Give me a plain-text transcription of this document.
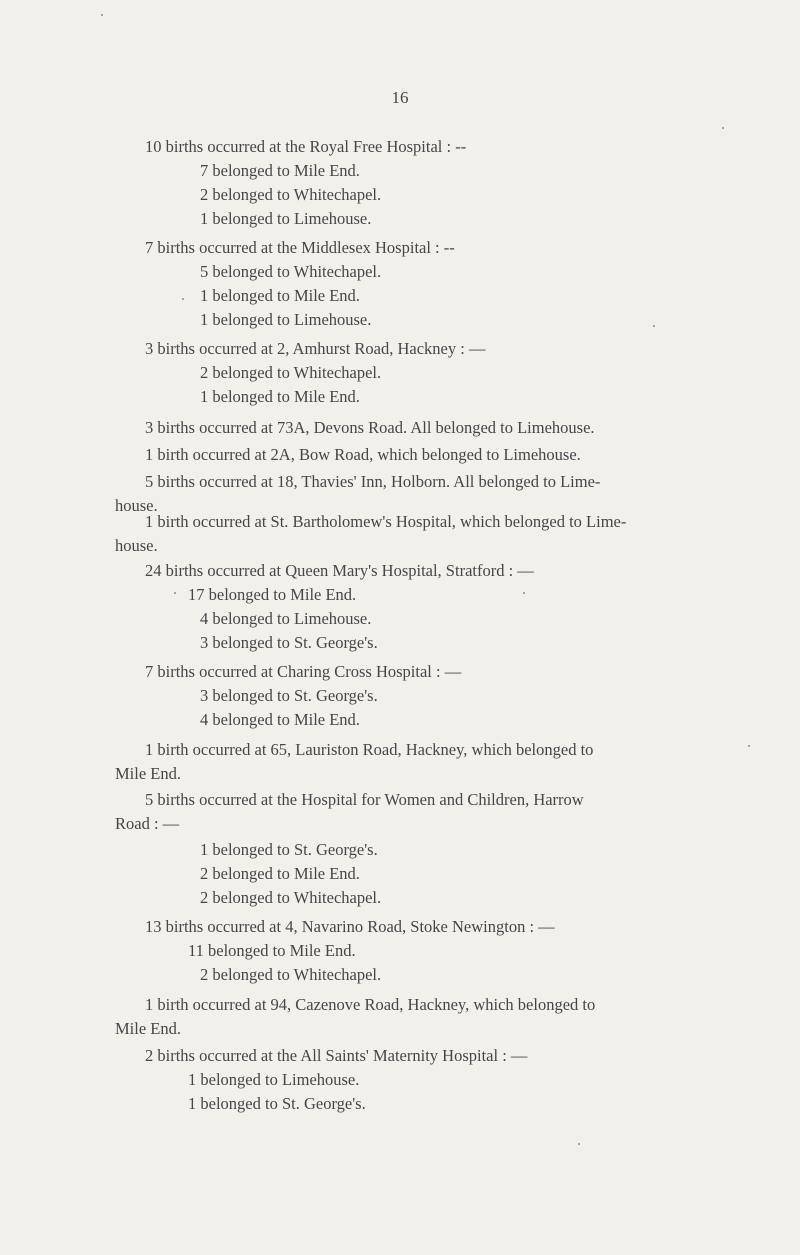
16
10 births occurred at the Royal Free Hospital : --
7 belonged to Mile End.
2 belonged to Whitechapel.
1 belonged to Limehouse.
7 births occurred at the Middlesex Hospital : --
5 belonged to Whitechapel.
1 belonged to Mile End.
1 belonged to Limehouse.
3 births occurred at 2, Amhurst Road, Hackney : —
2 belonged to Whitechapel.
1 belonged to Mile End.
3 births occurred at 73A, Devons Road. All belonged to Limehouse.
1 birth occurred at 2A, Bow Road, which belonged to Limehouse.
5 births occurred at 18, Thavies' Inn, Holborn. All belonged to Lime-
house.
1 birth occurred at St. Bartholomew's Hospital, which belonged to Lime-
house.
24 births occurred at Queen Mary's Hospital, Stratford : —
17 belonged to Mile End.
4 belonged to Limehouse.
3 belonged to St. George's.
7 births occurred at Charing Cross Hospital : —
3 belonged to St. George's.
4 belonged to Mile End.
1 birth occurred at 65, Lauriston Road, Hackney, which belonged to
Mile End.
5 births occurred at the Hospital for Women and Children, Harrow
Road : —
1 belonged to St. George's.
2 belonged to Mile End.
2 belonged to Whitechapel.
13 births occurred at 4, Navarino Road, Stoke Newington : —
11 belonged to Mile End.
2 belonged to Whitechapel.
1 birth occurred at 94, Cazenove Road, Hackney, which belonged to
Mile End.
2 births occurred at the All Saints' Maternity Hospital : —
1 belonged to Limehouse.
1 belonged to St. George's.
